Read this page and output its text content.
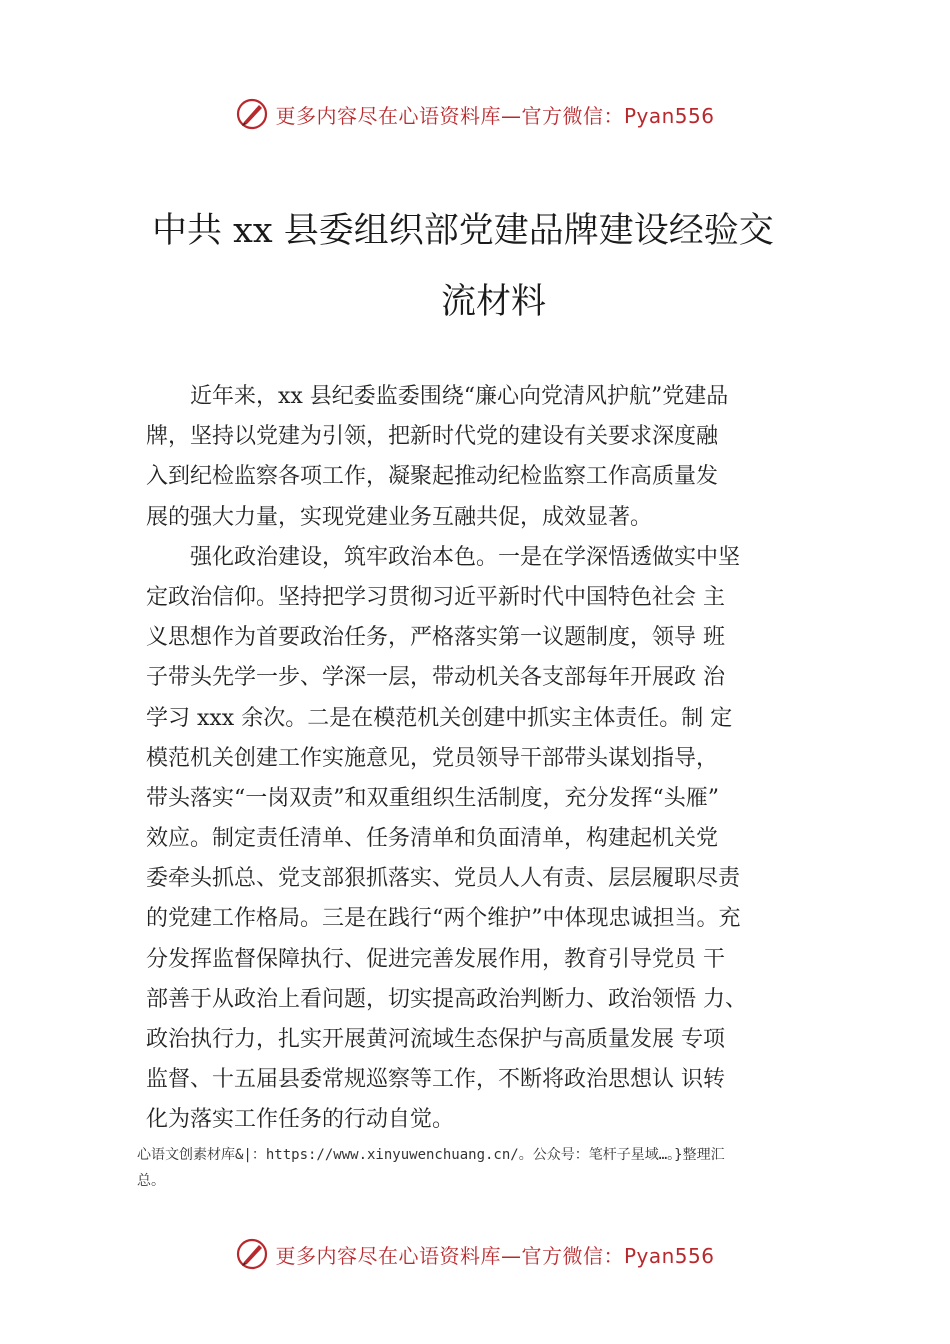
更多内容尽在心语资料库—官方微信：Pyan556
中共 xx 县委组织部党建品牌建设经验交
流材料
　　近年来，xx 县纪委监委围绕“廉心向党清风护航”党建品
牌，坚持以党建为引领，把新时代党的建设有关要求深度融
入到纪检监察各项工作，凝聚起推动纪检监察工作高质量发
展的强大力量，实现党建业务互融共促，成效显著。
　　强化政治建设，筑牢政治本色。一是在学深悟透做实中坚
定政治信仰。坚持把学习贯彻习近平新时代中国特色社会 主
义思想作为首要政治任务，严格落实第一议题制度，领导 班
子带头先学一步、学深一层，带动机关各支部每年开展政 治
学习 xxx 余次。二是在模范机关创建中抓实主体责任。制 定
模范机关创建工作实施意见，党员领导干部带头谋划指导，
带头落实“一岗双责”和双重组织生活制度，充分发挥“头雁”
效应。制定责任清单、任务清单和负面清单，构建起机关党
委牵头抓总、党支部狠抓落实、党员人人有责、层层履职尽责
的党建工作格局。三是在践行“两个维护”中体现忠诚担当。充
分发挥监督保障执行、促进完善发展作用，教育引导党员 干
部善于从政治上看问题，切实提高政治判断力、政治领悟 力、
政治执行力，扎实开展黄河流域生态保护与高质量发展 专项
监督、十五届县委常规巡察等工作，不断将政治思想认 识转
化为落实工作任务的行动自觉。
心语文创素材库&|：https://www.xinyuwenchuang.cn/。公众号：笔杆子星域…。}整理汇
总。
更多内容尽在心语资料库—官方微信：Pyan556
